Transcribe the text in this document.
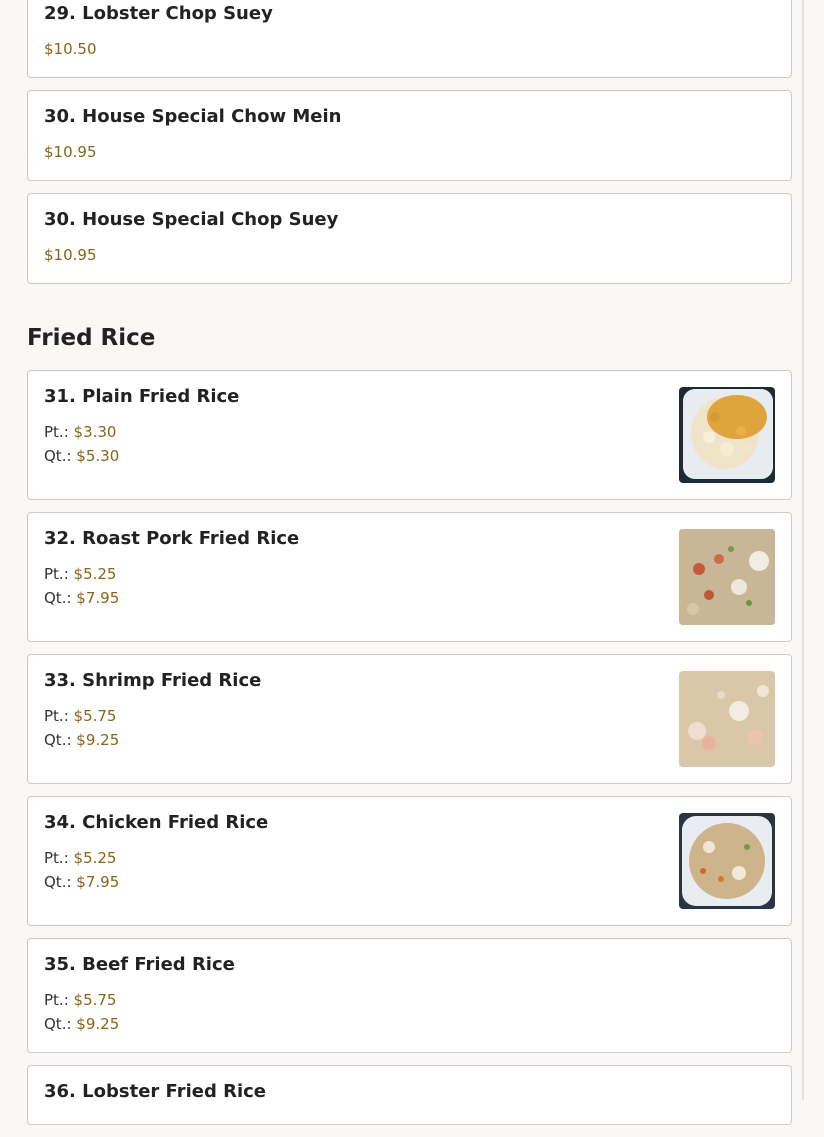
29. Lobster Chop Suey
$10.50
30. House Special Chow Mein
$10.95
30. House Special Chop Suey
$10.95
Fried Rice
31. Plain Fried Rice
Pt.: $3.30
Qt.: $5.30
32. Roast Pork Fried Rice
Pt.: $5.25
Qt.: $7.95
33. Shrimp Fried Rice
Pt.: $5.75
Qt.: $9.25
34. Chicken Fried Rice
Pt.: $5.25
Qt.: $7.95
35. Beef Fried Rice
Pt.: $5.75
Qt.: $9.25
36. Lobster Fried Rice
